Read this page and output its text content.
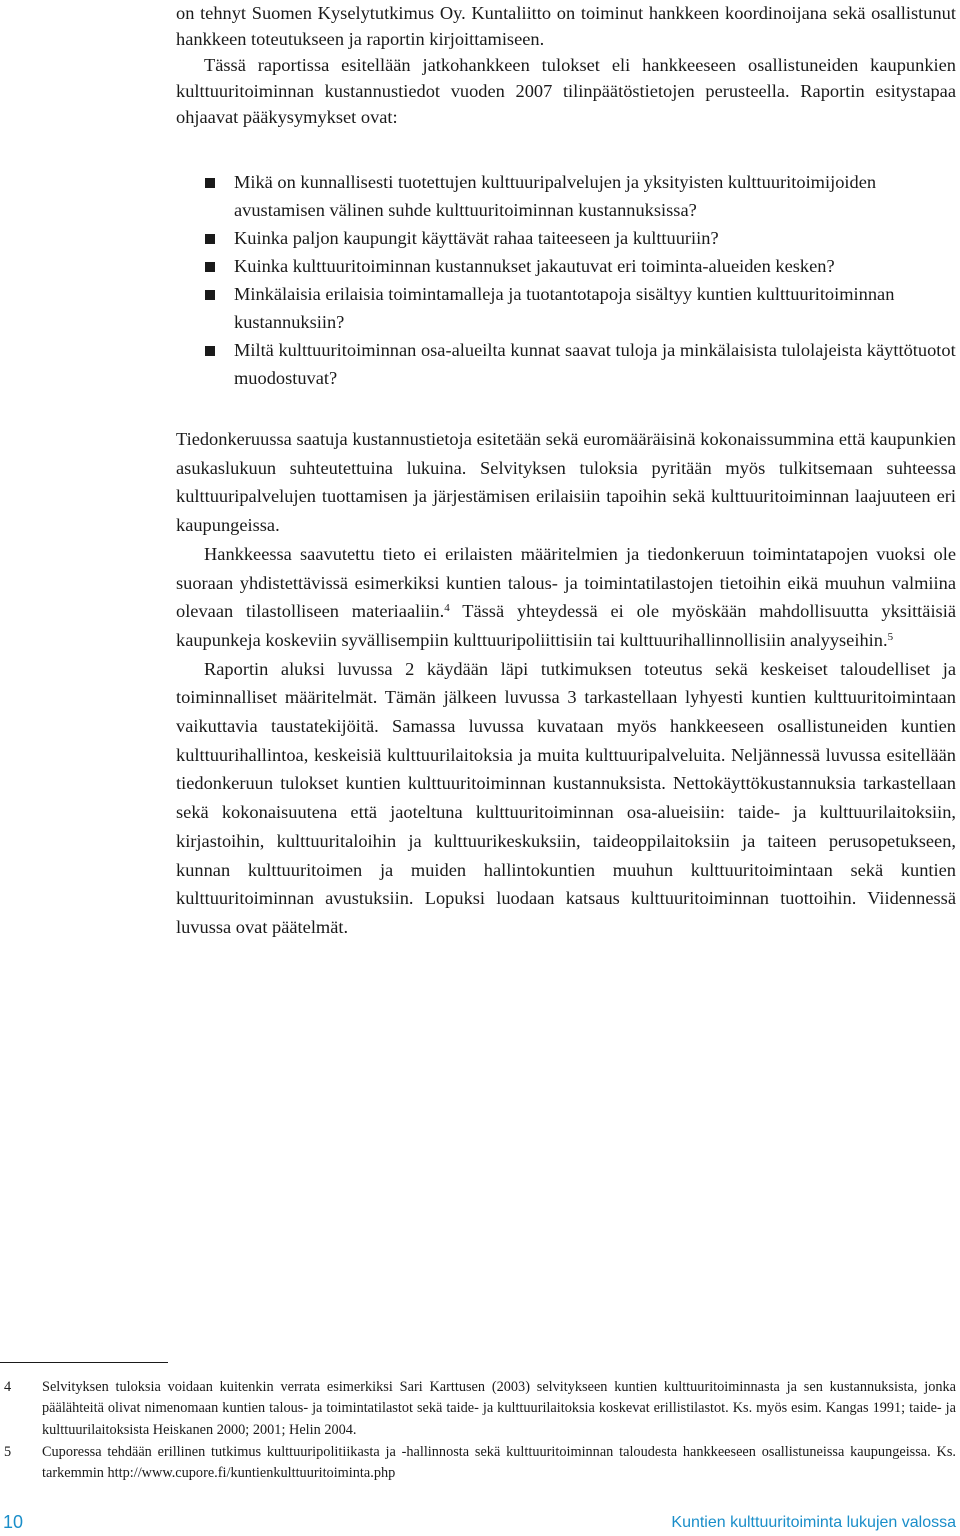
on tehnyt Suomen Kyselytutkimus Oy. Kuntaliitto on toiminut hankkeen koordinoijana sekä osallistunut hankkeen toteutukseen ja raportin kirjoittamiseen.

Tässä raportissa esitellään jatkohankkeen tulokset eli hankkeeseen osallistuneiden kaupunkien kulttuuritoiminnan kustannustiedot vuoden 2007 tilinpäätöstietojen perusteella. Raportin esitystapaa ohjaavat pääkysymykset ovat:

Mikä on kunnallisesti tuotettujen kulttuuripalvelujen ja yksityisten kulttuuritoimijoiden avustamisen välinen suhde kulttuuritoiminnan kustannuksissa?
Kuinka paljon kaupungit käyttävät rahaa taiteeseen ja kulttuuriin?
Kuinka kulttuuritoiminnan kustannukset jakautuvat eri toiminta-alueiden kesken?
Minkälaisia erilaisia toimintamalleja ja tuotantotapoja sisältyy kuntien kulttuuritoiminnan kustannuksiin?
Miltä kulttuuritoiminnan osa-alueilta kunnat saavat tuloja ja minkälaisista tulolajeista käyttötuotot muodostuvat?

Tiedonkeruussa saatuja kustannustietoja esitetään sekä euromääräisinä kokonaissummina että kaupunkien asukaslukuun suhteutettuina lukuina. Selvityksen tuloksia pyritään myös tulkitsemaan suhteessa kulttuuripalvelujen tuottamisen ja järjestämisen erilaisiin tapoihin sekä kulttuuritoiminnan laajuuteen eri kaupungeissa.

Hankkeessa saavutettu tieto ei erilaisten määritelmien ja tiedonkeruun toimintatapojen vuoksi ole suoraan yhdistettävissä esimerkiksi kuntien talous- ja toimintatilastojen tietoihin eikä muuhun valmiina olevaan tilastolliseen materiaaliin.$^4$ Tässä yhteydessä ei ole myöskään mahdollisuutta yksittäisiä kaupunkeja koskeviin syvällisempiin kulttuuripoliittisiin tai kulttuurihallinnollisiin analyyseihin.$^5$

Raportin aluksi luvussa 2 käydään läpi tutkimuksen toteutus sekä keskeiset taloudelliset ja toiminnalliset määritelmät. Tämän jälkeen luvussa 3 tarkastellaan lyhyesti kuntien kulttuuritoimintaan vaikuttavia taustatekijöitä. Samassa luvussa kuvataan myös hankkeeseen osallistuneiden kuntien kulttuurihallintoa, keskeisiä kulttuurilaitoksia ja muita kulttuuripalveluita. Neljännessä luvussa esitellään tiedonkeruun tulokset kuntien kulttuuritoiminnan kustannuksista. Nettokäyttökustannuksia tarkastellaan sekä kokonaisuutena että jaoteltuna kulttuuritoiminnan osa-alueisiin: taide- ja kulttuurilaitoksiin, kirjastoihin, kulttuuritaloihin ja kulttuurikeskuksiin, taideoppilaitoksiin ja taiteen perusopetukseen, kunnan kulttuuritoimen ja muiden hallintokuntien muuhun kulttuuritoimintaan sekä kuntien kulttuuritoiminnan avustuksiin. Lopuksi luodaan katsaus kulttuuritoiminnan tuottoihin. Viidennessä luvussa ovat päätelmät.

4 Selvityksen tuloksia voidaan kuitenkin verrata esimerkiksi Sari Karttusen (2003) selvitykseen kuntien kulttuuritoiminnasta ja sen kustannuksista, jonka päälähteitä olivat nimenomaan kuntien talous- ja toimintatilastot sekä taide- ja kulttuurilaitoksia koskevat erillistilastot. Ks. myös esim. Kangas 1991; taide- ja kulttuurilaitoksista Heiskanen 2000; 2001; Helin 2004.
5 Cuporessa tehdään erillinen tutkimus kulttuuripolitiikasta ja -hallinnosta sekä kulttuuritoiminnan taloudesta hankkeeseen osallistuneissa kaupungeissa. Ks. tarkemmin http://www.cupore.fi/kuntienkulttuuritoiminta.php
10	Kuntien kulttuuritoiminta lukujen valossa
